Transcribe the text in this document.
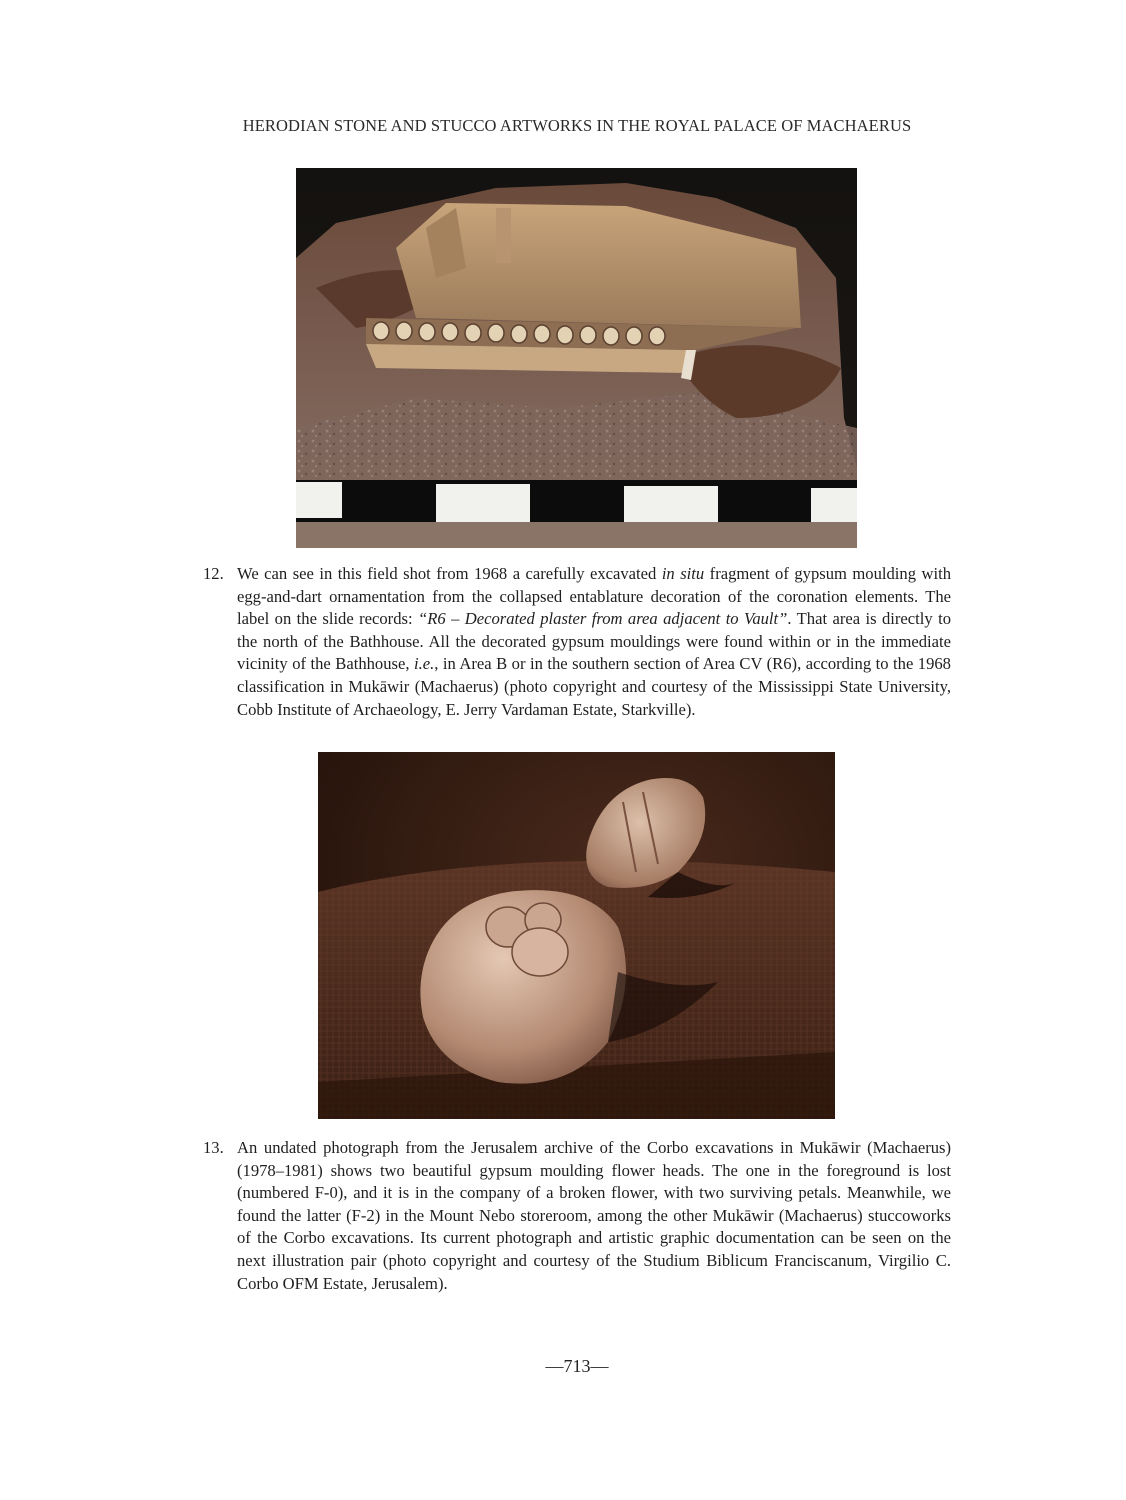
HERODIAN STONE AND STUCCO ARTWORKS IN THE ROYAL PALACE OF MACHAERUS
12. We can see in this field shot from 1968 a carefully excavated in situ fragment of gypsum moulding with egg-and-dart ornamentation from the collapsed entablature decoration of the coronation elements. The label on the slide records: “R6 – Decorated plaster from area adjacent to Vault”. That area is directly to the north of the Bathhouse. All the decorated gypsum mouldings were found within or in the immediate vicinity of the Bathhouse, i.e., in Area B or in the southern section of Area CV (R6), according to the 1968 classification in Mukāwir (Machaerus) (photo copyright and courtesy of the Mississippi State University, Cobb Institute of Archaeology, E. Jerry Vardaman Estate, Starkville).
13. An undated photograph from the Jerusalem archive of the Corbo excavations in Mukāwir (Machaerus) (1978–1981) shows two beautiful gypsum moulding flower heads. The one in the foreground is lost (numbered F-0), and it is in the company of a broken flower, with two surviving petals. Meanwhile, we found the latter (F-2) in the Mount Nebo storeroom, among the other Mukāwir (Machaerus) stuccoworks of the Corbo excavations. Its current photograph and artistic graphic documentation can be seen on the next illustration pair (photo copyright and courtesy of the Studium Biblicum Franciscanum, Virgilio C. Corbo OFM Estate, Jerusalem).
—713—
